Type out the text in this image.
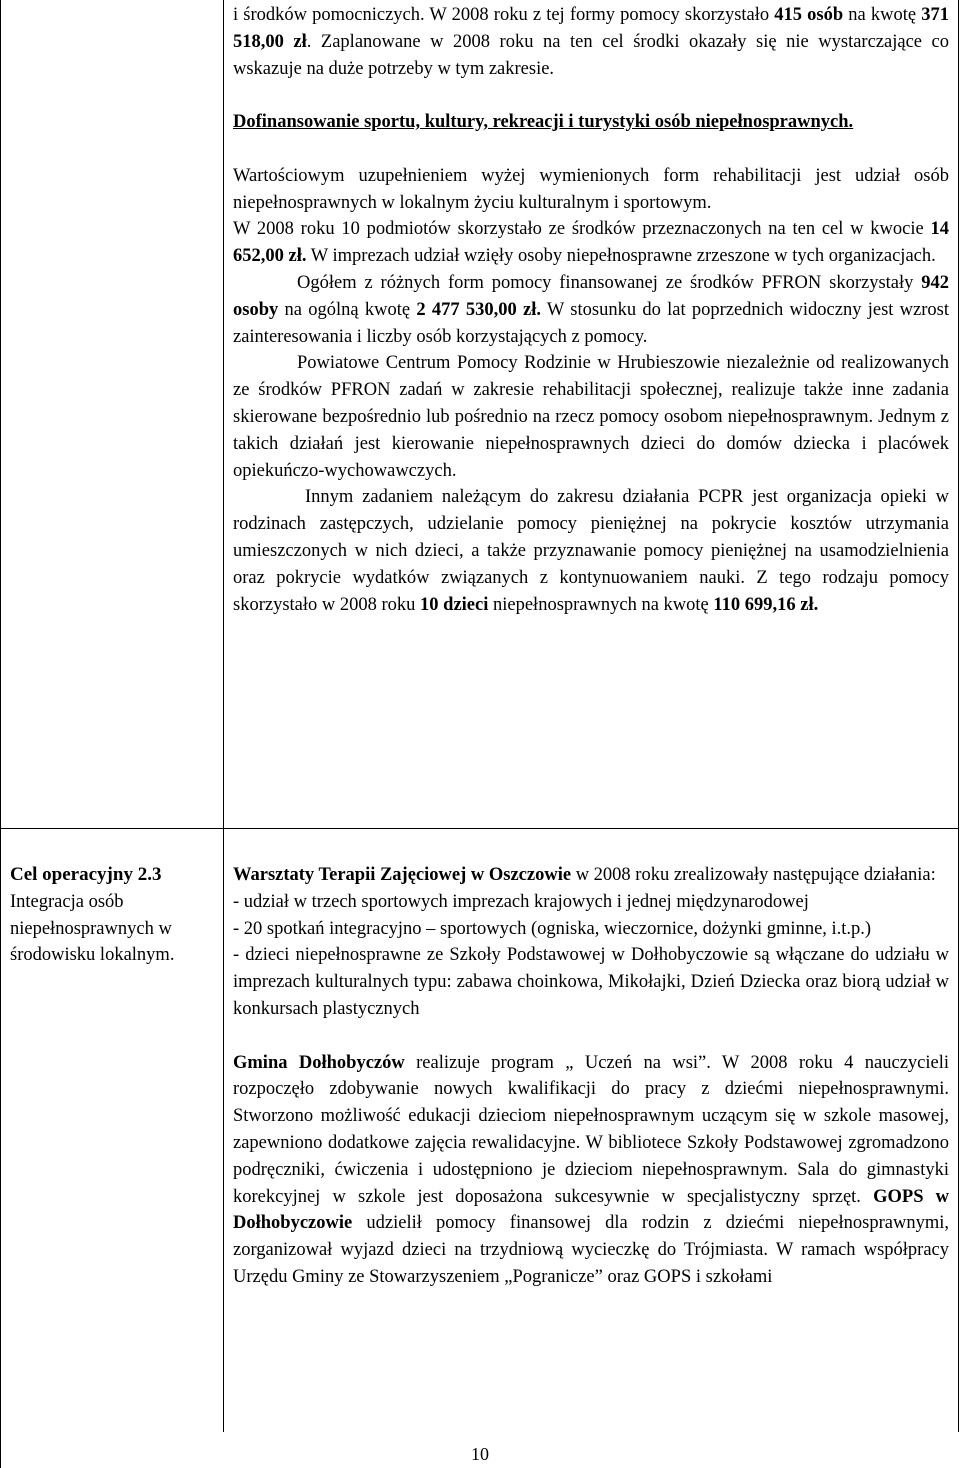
i środków pomocniczych. W 2008 roku z tej formy pomocy skorzystało 415 osób na kwotę 371 518,00 zł. Zaplanowane w 2008 roku na ten cel środki okazały się nie wystarczające co wskazuje na duże potrzeby w tym zakresie.

Dofinansowanie sportu, kultury, rekreacji i turystyki osób niepełnosprawnych.

Wartościowym uzupełnieniem wyżej wymienionych form rehabilitacji jest udział osób niepełnosprawnych w lokalnym życiu kulturalnym i sportowym.

W 2008 roku 10 podmiotów skorzystało ze środków przeznaczonych na ten cel w kwocie 14 652,00 zł. W imprezach udział wzięły osoby niepełnosprawne zrzeszone w tych organizacjach.

Ogółem z różnych form pomocy finansowanej ze środków PFRON skorzystały 942 osoby na ogólną kwotę 2 477 530,00 zł. W stosunku do lat poprzednich widoczny jest wzrost zainteresowania i liczby osób korzystających z pomocy.

Powiatowe Centrum Pomocy Rodzinie w Hrubieszowie niezależnie od realizowanych ze środków PFRON zadań w zakresie rehabilitacji społecznej, realizuje także inne zadania skierowane bezpośrednio lub pośrednio na rzecz pomocy osobom niepełnosprawnym. Jednym z takich działań jest kierowanie niepełnosprawnych dzieci do domów dziecka i placówek opiekuńczo-wychowawczych.

Innym zadaniem należącym do zakresu działania PCPR jest organizacja opieki w rodzinach zastępczych, udzielanie pomocy pieniężnej na pokrycie kosztów utrzymania umieszczonych w nich dzieci, a także przyznawanie pomocy pieniężnej na usamodzielnienia oraz pokrycie wydatków związanych z kontynuowaniem nauki. Z tego rodzaju pomocy skorzystało w 2008 roku 10 dzieci niepełnosprawnych na kwotę 110 699,16 zł.

Cel operacyjny 2.3

Integracja osób niepełnosprawnych w środowisku lokalnym.

Warsztaty Terapii Zajęciowej w Oszczowie w 2008 roku zrealizowały następujące działania:

- udział w trzech sportowych imprezach krajowych i jednej międzynarodowej

- 20 spotkań integracyjno – sportowych (ogniska, wieczornice, dożynki gminne, i.t.p.)

- dzieci niepełnosprawne ze Szkoły Podstawowej w Dołhobyczowie są włączane do udziału w imprezach kulturalnych typu: zabawa choinkowa, Mikołajki, Dzień Dziecka oraz biorą udział w konkursach plastycznych

Gmina Dołhobyczów realizuje program „ Uczeń na wsi”. W 2008 roku 4 nauczycieli rozpoczęło zdobywanie nowych kwalifikacji do pracy z dziećmi niepełnosprawnymi. Stworzono możliwość edukacji dzieciom niepełnosprawnym uczącym się w szkole masowej, zapewniono dodatkowe zajęcia rewalidacyjne. W bibliotece Szkoły Podstawowej zgromadzono podręczniki, ćwiczenia i udostępniono je dzieciom niepełnosprawnym. Sala do gimnastyki korekcyjnej w szkole jest doposażona sukcesywnie w specjalistyczny sprzęt. GOPS w Dołhobyczowie udzielił pomocy finansowej dla rodzin z dziećmi niepełnosprawnymi, zorganizował wyjazd dzieci na trzydniową wycieczkę do Trójmiasta. W ramach współpracy Urzędu Gminy ze Stowarzyszeniem „Pogranicze” oraz GOPS i szkołami

10
